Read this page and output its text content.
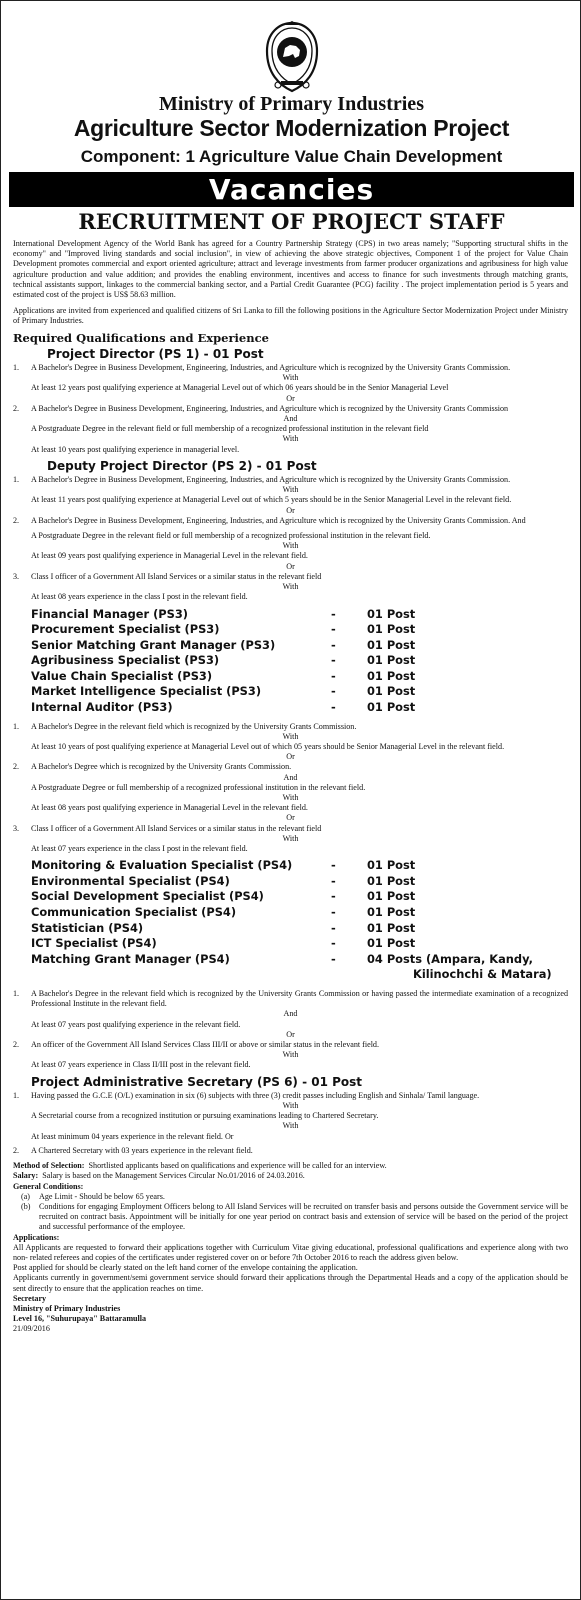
Ministry of Primary Industries
Agriculture Sector Modernization Project
Component: 1 Agriculture Value Chain Development
Vacancies
RECRUITMENT OF PROJECT STAFF

International Development Agency of the World Bank has agreed for a Country Partnership Strategy (CPS) in two areas namely; "Supporting structural shifts in the economy" and "Improved living standards and social inclusion", in view of achieving the above strategic objectives, Component 1 of the project for Value Chain Development promotes commercial and export oriented agriculture; attract and leverage investments from farmer producer organizations and agribusiness for high value agriculture production and value addition; and provides the enabling environment, incentives and access to finance for such investments through matching grants, technical assistants support, linkages to the commercial banking sector, and a Partial Credit Guarantee (PCG) facility . The project implementation period is 5 years and estimated cost of the project is US$ 58.63 million.

Applications are invited from experienced and qualified citizens of Sri Lanka to fill the following positions in the Agriculture Sector Modernization Project under Ministry of Primary Industries.

Required Qualifications and Experience
Project Director (PS 1) - 01 Post

1. A Bachelor's Degree in Business Development, Engineering, Industries, and Agriculture which is recognized by the University Grants Commission.

With

At least 12 years post qualifying experience at Managerial Level out of which 06 years should be in the Senior Managerial Level

Or

2. A Bachelor's Degree in Business Development, Engineering, Industries, and Agriculture which is recognized by the University Grants Commission

And

A Postgraduate Degree in the relevant field or full membership of a recognized professional institution in the relevant field

With

At least 10 years post qualifying experience in managerial level.

Deputy Project Director (PS 2) - 01 Post

1. A Bachelor's Degree in Business Development, Engineering, Industries, and Agriculture which is recognized by the University Grants Commission.

With

At least 11 years post qualifying experience at Managerial Level out of which 5 years should be in the Senior Managerial Level in the relevant field.

Or

2. A Bachelor's Degree in Business Development, Engineering, Industries, and Agriculture which is recognized by the University Grants Commission. And

A Postgraduate Degree in the relevant field or full membership of a recognized professional institution in the relevant field.

With

At least 09 years post qualifying experience in Managerial Level in the relevant field.

Or

3. Class I officer of a Government All Island Services or a similar status in the relevant field

With

At least 08 years experience in the class I post in the relevant field.

Financial Manager (PS3)	-	01 Post
Procurement Specialist (PS3)	-	01 Post
Senior Matching Grant Manager (PS3)	-	01 Post
Agribusiness Specialist (PS3)	-	01 Post
Value Chain Specialist (PS3)	-	01 Post
Market Intelligence Specialist (PS3)	-	01 Post
Internal Auditor (PS3)	-	01 Post

1. A Bachelor's Degree in the relevant field which is recognized by the University Grants Commission.

With

At least 10 years of post qualifying experience at Managerial Level out of which 05 years should be Senior Managerial Level in the relevant field.

Or

2. A Bachelor's Degree which is recognized by the University Grants Commission.

And

A Postgraduate Degree or full membership of a recognized professional institution in the relevant field.

With

At least 08 years post qualifying experience in Managerial Level in the relevant field.

Or

3. Class I officer of a Government All Island Services or a similar status in the relevant field

With

At least 07 years experience in the class I post in the relevant field.

Monitoring & Evaluation Specialist (PS4)	-	01 Post
Environmental Specialist (PS4)	-	01 Post
Social Development Specialist (PS4)	-	01 Post
Communication Specialist (PS4)	-	01 Post
Statistician (PS4)	-	01 Post
ICT Specialist (PS4)	-	01 Post
Matching Grant Manager (PS4)	-	04 Posts (Ampara, Kandy,
		Kilinochchi & Matara)

1. A Bachelor's Degree in the relevant field which is recognized by the University Grants Commission or having passed the intermediate examination of a recognized Professional Institute in the relevant field.

And

At least 07 years post qualifying experience in the relevant field.

Or

2. An officer of the Government All Island Services Class III/II or above or similar status in the relevant field.

With

At least 07 years experience in Class II/III post in the relevant field.

Project Administrative Secretary (PS 6) - 01 Post

1. Having passed the G.C.E (O/L) examination in six (6) subjects with three (3) credit passes including English and Sinhala/ Tamil language.

With

A Secretarial course from a recognized institution or pursuing examinations leading to Chartered Secretary.

With

At least minimum 04 years experience in the relevant field. Or

2. A Chartered Secretary with 03 years experience in the relevant field.

Method of Selection: Shortlisted applicants based on qualifications and experience will be called for an interview.

Salary: Salary is based on the Management Services Circular No.01/2016 of 24.03.2016.

General Conditions:

(a) Age Limit - Should be below 65 years.

(b) Conditions for engaging Employment Officers belong to All Island Services will be recruited on transfer basis and persons outside the Government service will be recruited on contract basis. Appointment will be initially for one year period on contract basis and extension of service will be based on the period of the project and successful performance of the employee.

Applications:

All Applicants are requested to forward their applications together with Curriculum Vitae giving educational, professional qualifications and experience along with two non- related referees and copies of the certificates under registered cover on or before 7th October 2016 to reach the address given below.

Post applied for should be clearly stated on the left hand corner of the envelope containing the application.

Applicants currently in government/semi government service should forward their applications through the Departmental Heads and a copy of the application should be sent directly to ensure that the application reaches on time.

Secretary

Ministry of Primary Industries

Level 16, "Suhurupaya" Battaramulla

21/09/2016
